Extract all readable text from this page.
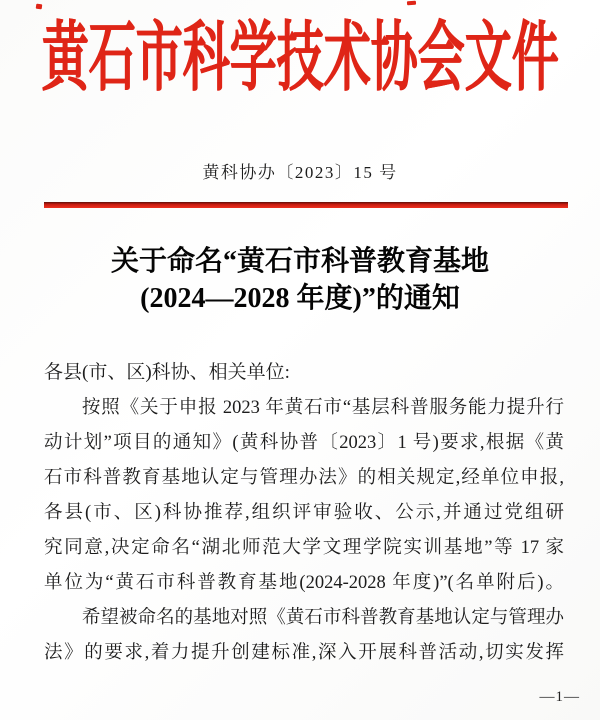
黄石市科学技术协会文件
黄科协办〔2023〕15 号
关于命名“黄石市科普教育基地
(2024—2028 年度)”的通知
各县(市、区)科协、相关单位:
按照《关于申报 2023 年黄石市“基层科普服务能力提升行
动计划”项目的通知》(黄科协普〔2023〕1 号)要求,根据《黄
石市科普教育基地认定与管理办法》的相关规定,经单位申报,
各县(市、区)科协推荐,组织评审验收、公示,并通过党组研
究同意,决定命名“湖北师范大学文理学院实训基地”等 17 家
单位为“黄石市科普教育基地(2024-2028 年度)”(名单附后)。
希望被命名的基地对照《黄石市科普教育基地认定与管理办
法》的要求,着力提升创建标准,深入开展科普活动,切实发挥
—1—
